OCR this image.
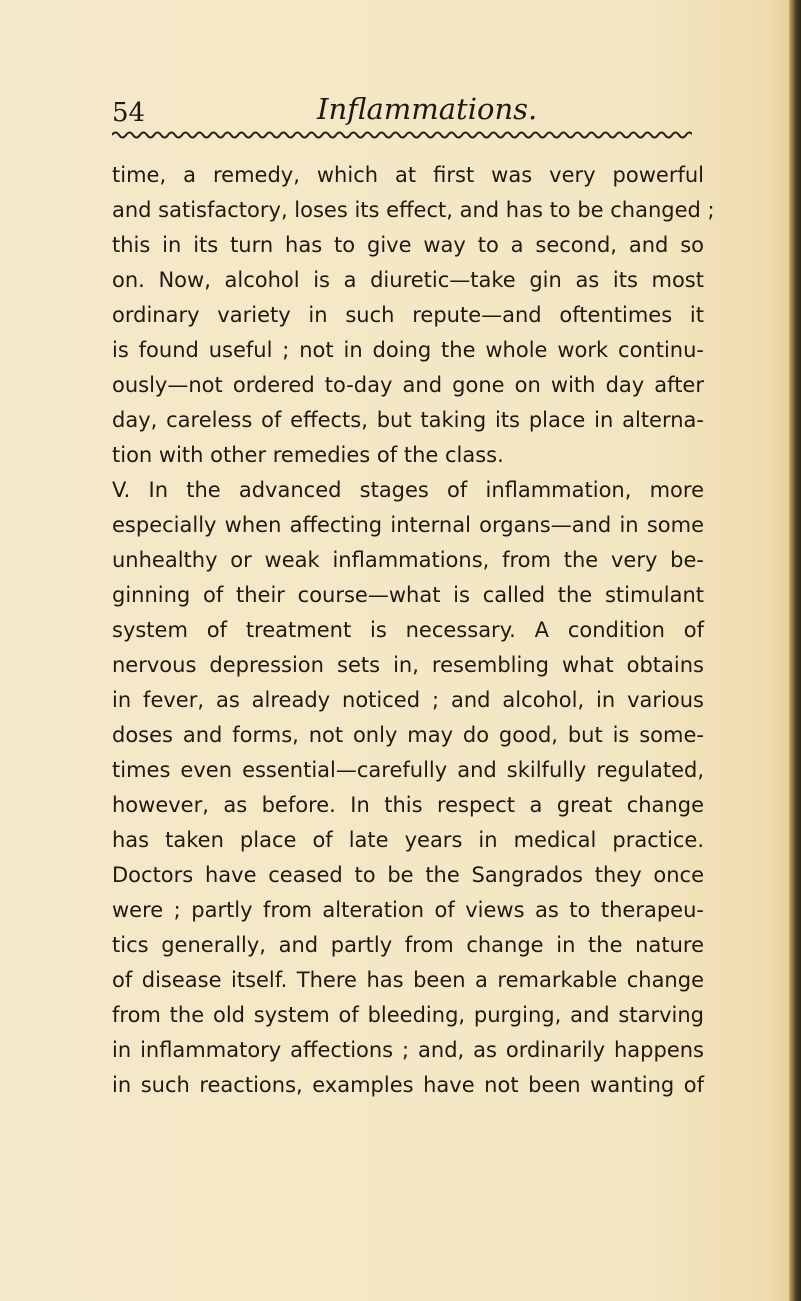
54	Inflammations.
time, a remedy, which at first was very powerful
and satisfactory, loses its effect, and has to be changed ;
this in its turn has to give way to a second, and so
on. Now, alcohol is a diuretic—take gin as its most
ordinary variety in such repute—and oftentimes it
is found useful ; not in doing the whole work continu-
ously—not ordered to-day and gone on with day after
day, careless of effects, but taking its place in alterna-
tion with other remedies of the class.
V. In the advanced stages of inflammation, more
especially when affecting internal organs—and in some
unhealthy or weak inflammations, from the very be-
ginning of their course—what is called the stimulant
system of treatment is necessary. A condition of
nervous depression sets in, resembling what obtains
in fever, as already noticed ; and alcohol, in various
doses and forms, not only may do good, but is some-
times even essential—carefully and skilfully regulated,
however, as before. In this respect a great change
has taken place of late years in medical practice.
Doctors have ceased to be the Sangrados they once
were ; partly from alteration of views as to therapeu-
tics generally, and partly from change in the nature
of disease itself. There has been a remarkable change
from the old system of bleeding, purging, and starving
in inflammatory affections ; and, as ordinarily happens
in such reactions, examples have not been wanting of
